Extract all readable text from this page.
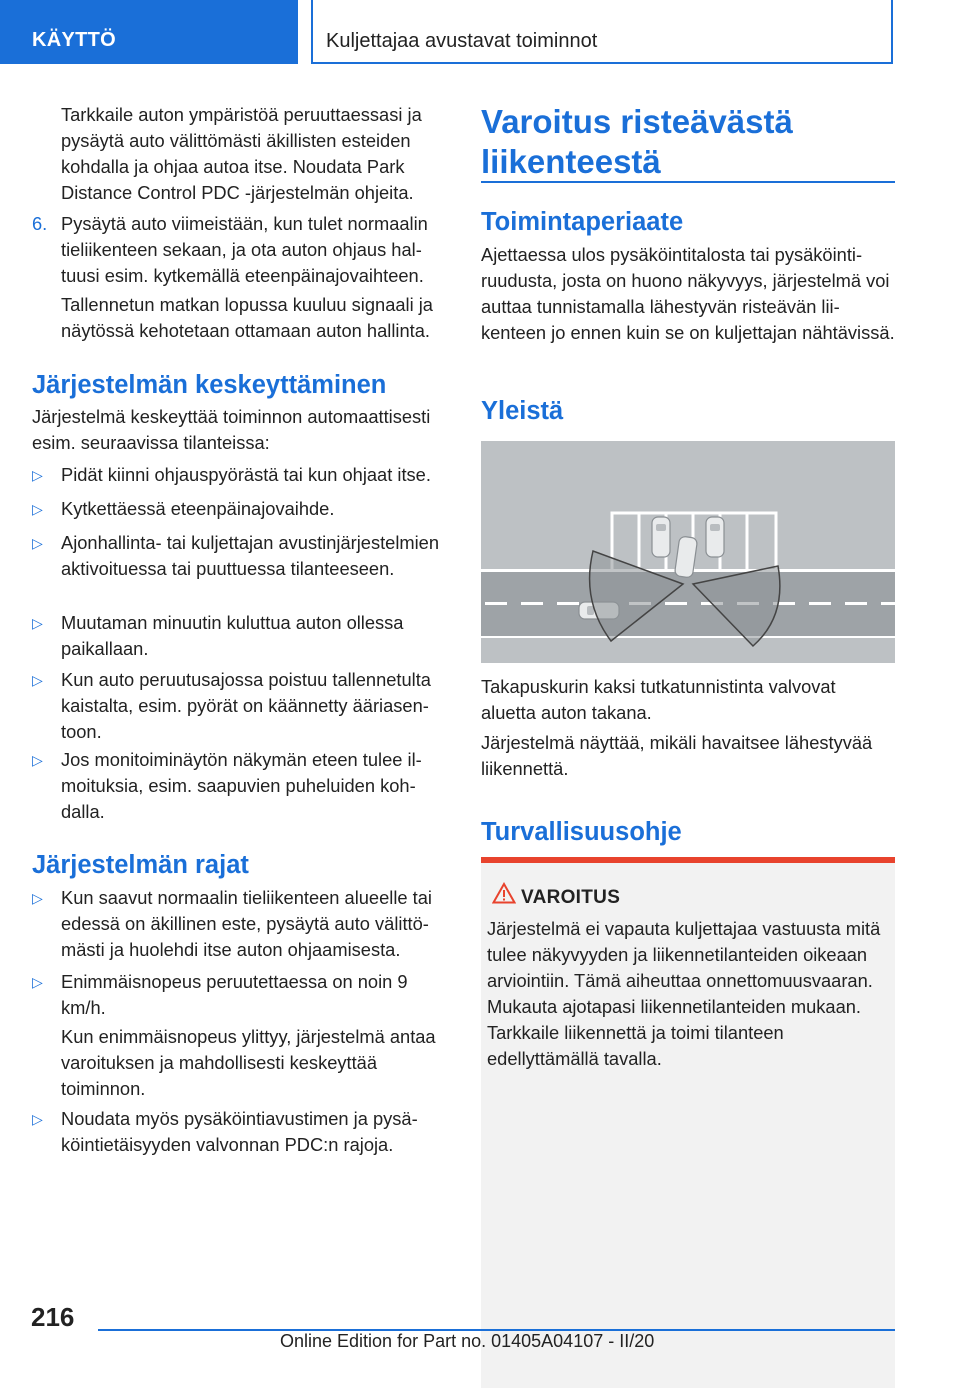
KÄYTTÖ	Kuljettajaa avustavat toiminnot

Tarkkaile auton ympäristöä peruuttaessasi ja pysäytä auto välittömästi äkillisten esteiden kohdalla ja ohjaa autoa itse. Noudata Park Distance Control PDC ‑järjestelmän ohjeita.

6. Pysäytä auto viimeistään, kun tulet normaalin tieliikenteen sekaan, ja ota auton ohjaus haltuusi esim. kytkemällä eteenpäinajovaihteen.

Tallennetun matkan lopussa kuuluu signaali ja näytössä kehotetaan ottamaan auton hallinta.

Järjestelmän keskeyttäminen

Järjestelmä keskeyttää toiminnon automaattisesti esim. seuraavissa tilanteissa:

▷ Pidät kiinni ohjauspyörästä tai kun ohjaat itse.

▷ Kytkettäessä eteenpäinajovaihde.

▷ Ajonhallinta- tai kuljettajan avustinjärjestelmien aktivoituessa tai puuttuessa tilanteeseen.

▷ Muutaman minuutin kuluttua auton ollessa paikallaan.

▷ Kun auto peruutusajossa poistuu tallennetulta kaistalta, esim. pyörät on käännetty ääriasentoon.

▷ Jos monitoiminäytön näkymän eteen tulee ilmoituksia, esim. saapuvien puheluiden kohdalla.

Järjestelmän rajat
▷ Kun saavut normaalin tieliikenteen alueelle tai edessä on äkillinen este, pysäytä auto välittömästi ja huolehdi itse auton ohjaamisesta.

▷ Enimmäisnopeus peruutettaessa on noin 9 km/h.

Kun enimmäisnopeus ylittyy, järjestelmä antaa varoituksen ja mahdollisesti keskeyttää toiminnon.

▷ Noudata myös pysäköintiavustimen ja pysäköintietäisyyden valvonnan PDC:n rajoja.

Varoitus risteävästä liikenteestä
Toimintaperiaate

Ajettaessa ulos pysäköintitalosta tai pysäköintiruudusta, josta on huono näkyvyys, järjestelmä voi auttaa tunnistamalla lähestyvän risteävän liikenteen jo ennen kuin se on kuljettajan nähtävissä.

Yleistä

Takapuskurin kaksi tutkatunnistinta valvovat aluetta auton takana.

Järjestelmä näyttää, mikäli havaitsee lähestyvää liikennettä.

Turvallisuusohje
VAROITUS

Järjestelmä ei vapauta kuljettajaa vastuusta mitä tulee näkyvyyden ja liikennetilanteiden oikeaan arviointiin. Tämä aiheuttaa onnettomuusvaaran. Mukauta ajotapasi liikennetilanteiden mukaan. Tarkkaile liikennettä ja toimi tilanteen edellyttämällä tavalla.

216
Online Edition for Part no. 01405A04107 - II/20
